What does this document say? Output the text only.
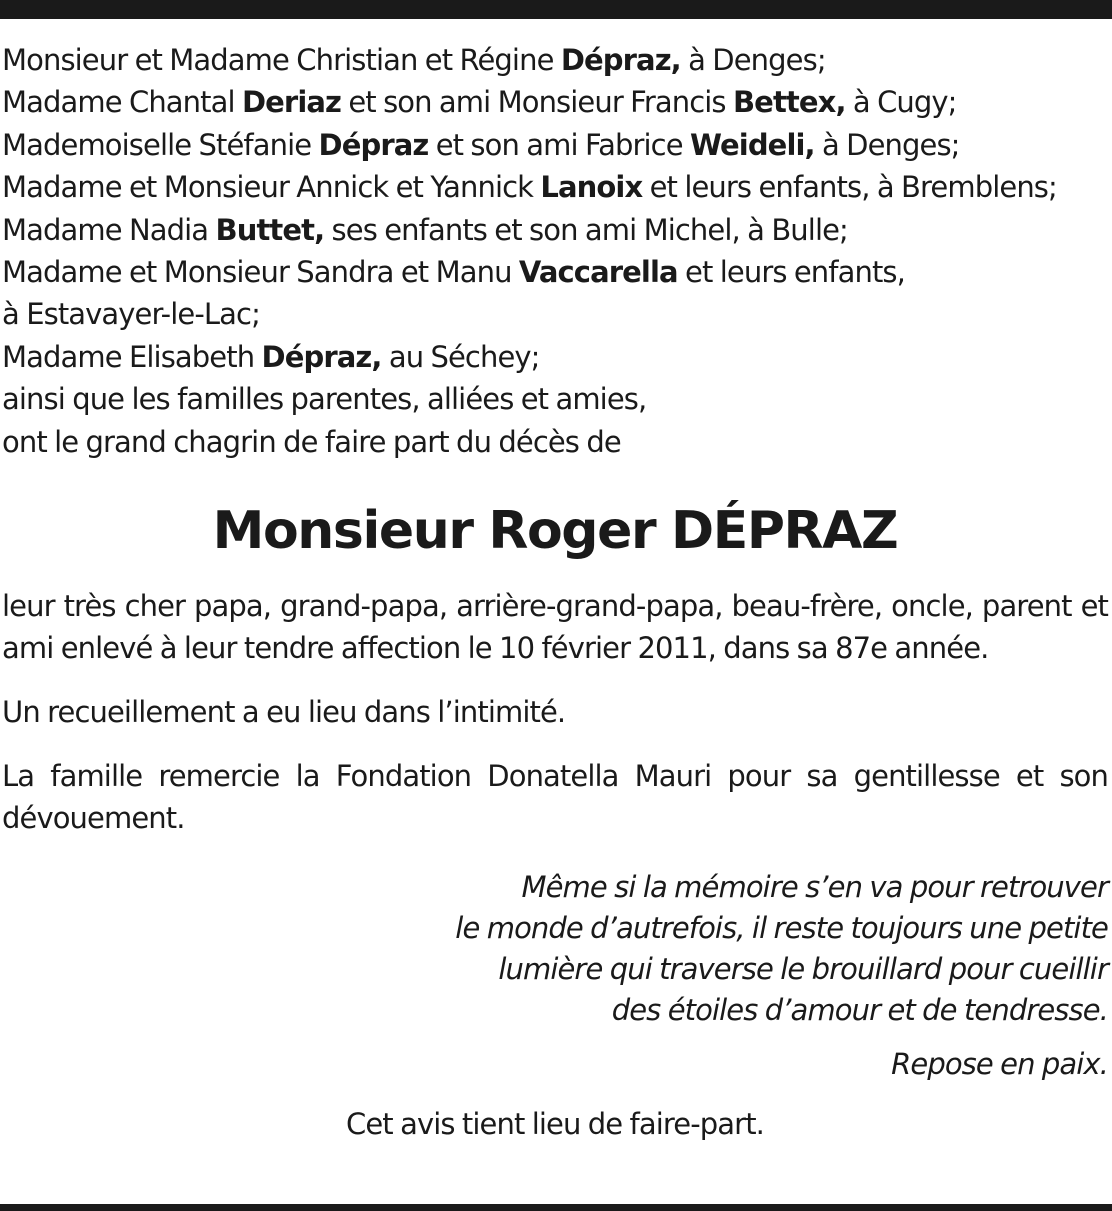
Monsieur et Madame Christian et Régine Dépraz, à Denges;
Madame Chantal Deriaz et son ami Monsieur Francis Bettex, à Cugy;
Mademoiselle Stéfanie Dépraz et son ami Fabrice Weideli, à Denges;
Madame et Monsieur Annick et Yannick Lanoix et leurs enfants, à Bremblens;
Madame Nadia Buttet, ses enfants et son ami Michel, à Bulle;
Madame et Monsieur Sandra et Manu Vaccarella et leurs enfants,
à Estavayer-le-Lac;
Madame Elisabeth Dépraz, au Séchey;
ainsi que les familles parentes, alliées et amies,
ont le grand chagrin de faire part du décès de
Monsieur Roger DÉPRAZ

leur très cher papa, grand-papa, arrière-grand-papa, beau-frère, oncle, parent et ami enlevé à leur tendre affection le 10 février 2011, dans sa 87e année.

Un recueillement a eu lieu dans l’intimité.

La famille remercie la Fondation Donatella Mauri pour sa gentillesse et son dévouement.

Même si la mémoire s’en va pour retrouver
le monde d’autrefois, il reste toujours une petite
lumière qui traverse le brouillard pour cueillir
des étoiles d’amour et de tendresse.
Repose en paix.
Cet avis tient lieu de faire-part.
